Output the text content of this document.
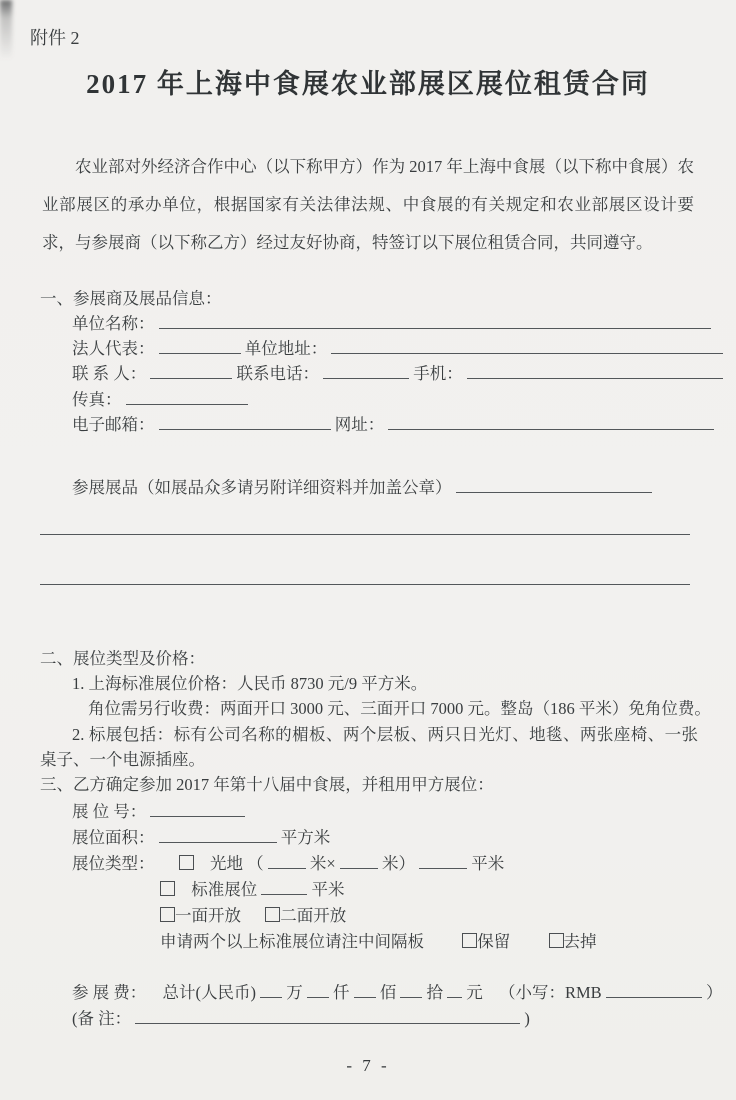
附件 2
2017 年上海中食展农业部展区展位租赁合同

农业部对外经济合作中心（以下称甲方）作为 2017 年上海中食展（以下称中食展）农业部展区的承办单位，根据国家有关法律法规、中食展的有关规定和农业部展区设计要求，与参展商（以下称乙方）经过友好协商，特签订以下展位租赁合同，共同遵守。

一、参展商及展品信息：
单位名称：
法人代表：	单位地址：
联 系 人：	联系电话：	手机：
传真：
电子邮箱：	网址：
参展展品（如展品众多请另附详细资料并加盖公章）
二、展位类型及价格：
1. 上海标准展位价格：人民币 8730 元/9 平方米。
角位需另行收费：两面开口 3000 元、三面开口 7000 元。整岛（186 平米）免角位费。

2. 标展包括：标有公司名称的楣板、两个层板、两只日光灯、地毯、两张座椅、一张桌子、一个电源插座。

三、乙方确定参加 2017 年第十八届中食展，并租用甲方展位：
展 位 号：
展位面积：	平方米
展位类型：	光地 （	米×	米）	平米
标准展位	平米
一面开放 二面开放
申请两个以上标准展位请注中间隔板	保留	去掉
参 展 费： 总计(人民币) 万 仟 佰 拾 元 （小写：RMB	）
(备 注：	)
- 7 -
